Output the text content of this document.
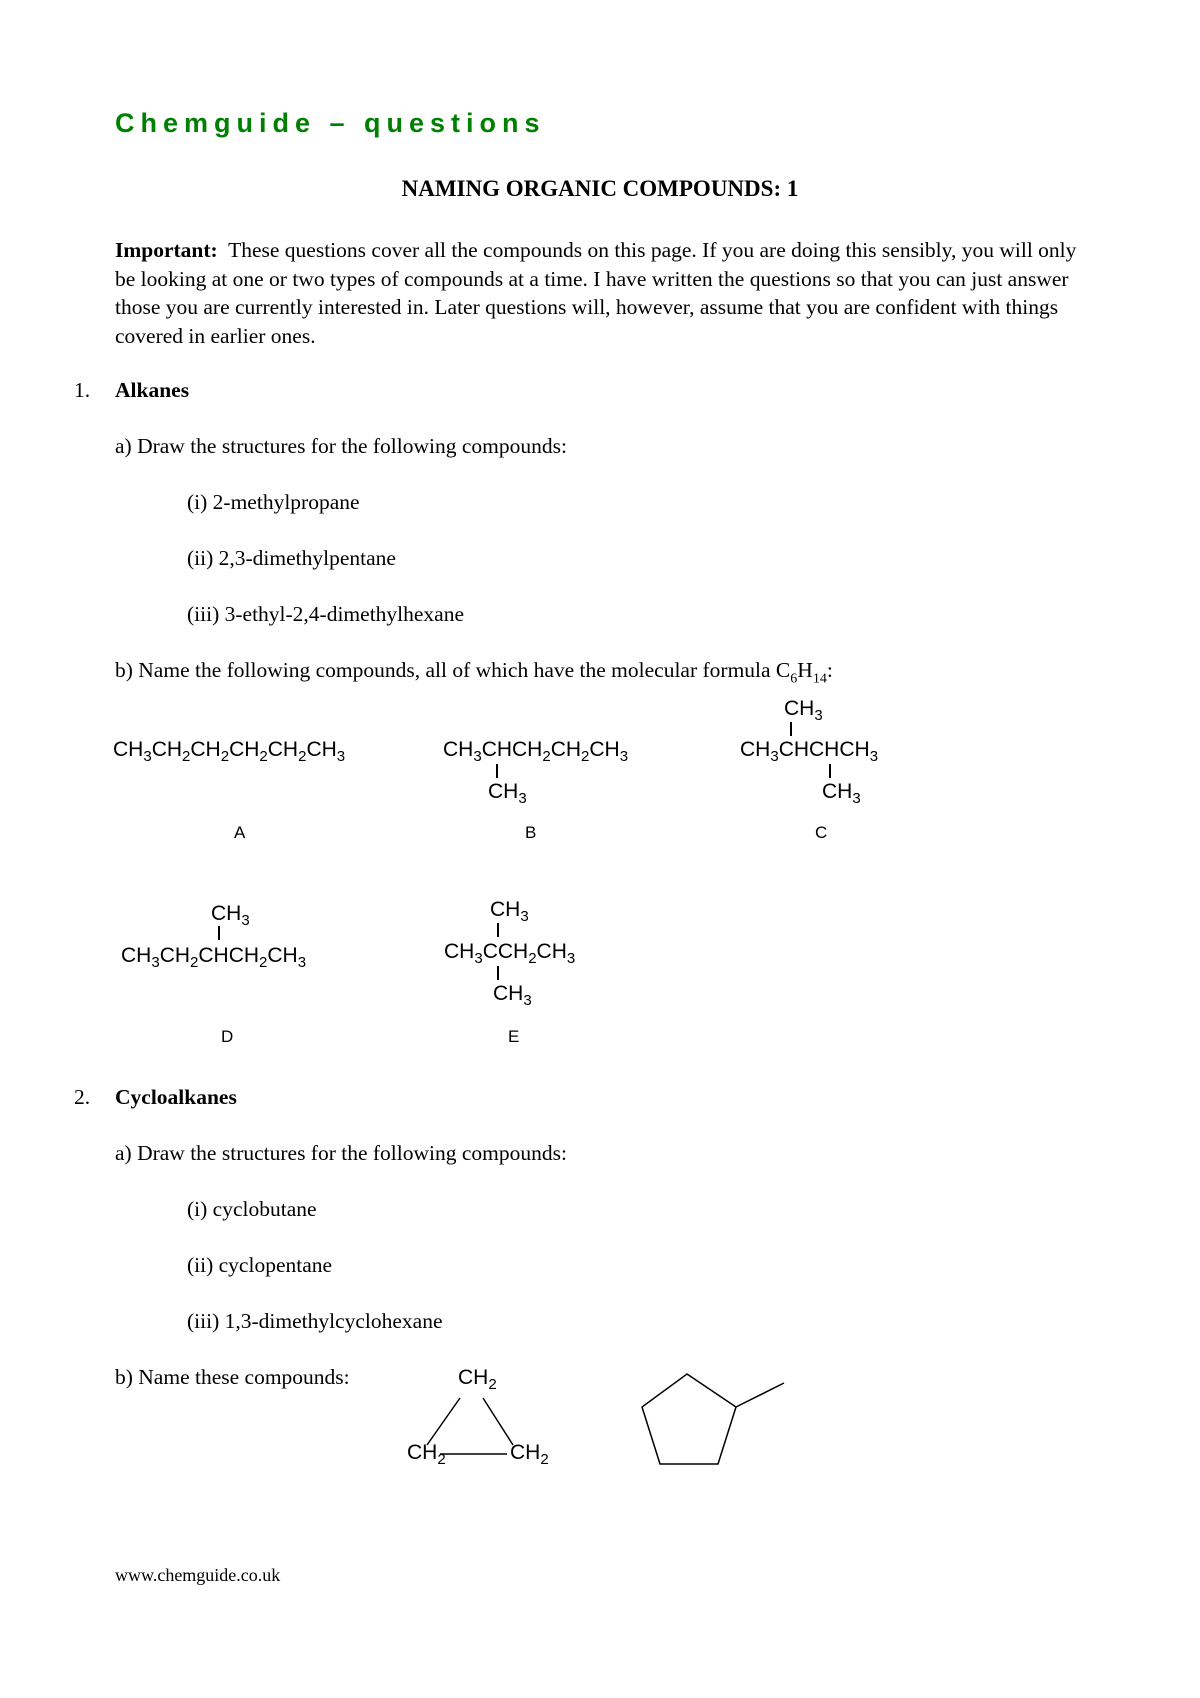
Chemguide – questions
NAMING ORGANIC COMPOUNDS: 1
Important: These questions cover all the compounds on this page. If you are doing this sensibly, you will only be looking at one or two types of compounds at a time. I have written the questions so that you can just answer those you are currently interested in. Later questions will, however, assume that you are confident with things covered in earlier ones.
1. Alkanes
a) Draw the structures for the following compounds:
(i) 2-methylpropane
(ii) 2,3-dimethylpentane
(iii) 3-ethyl-2,4-dimethylhexane
b) Name the following compounds, all of which have the molecular formula $C_6H_{14}$:
$CH_3CH_2CH_2CH_2CH_2CH_3$
A
$CH_3CHCH_2CH_2CH_3$
$CH_3$
B
$CH_3$
$CH_3CHCHCH_3$
$CH_3$
C
$CH_3$
$CH_3CH_2CHCH_2CH_3$
D
$CH_3$
$CH_3CCH_2CH_3$
$CH_3$
E
2. Cycloalkanes
a) Draw the structures for the following compounds:
(i) cyclobutane
(ii) cyclopentane
(iii) 1,3-dimethylcyclohexane
b) Name these compounds:	$CH_2$
$CH_2$	$CH_2$
www.chemguide.co.uk
